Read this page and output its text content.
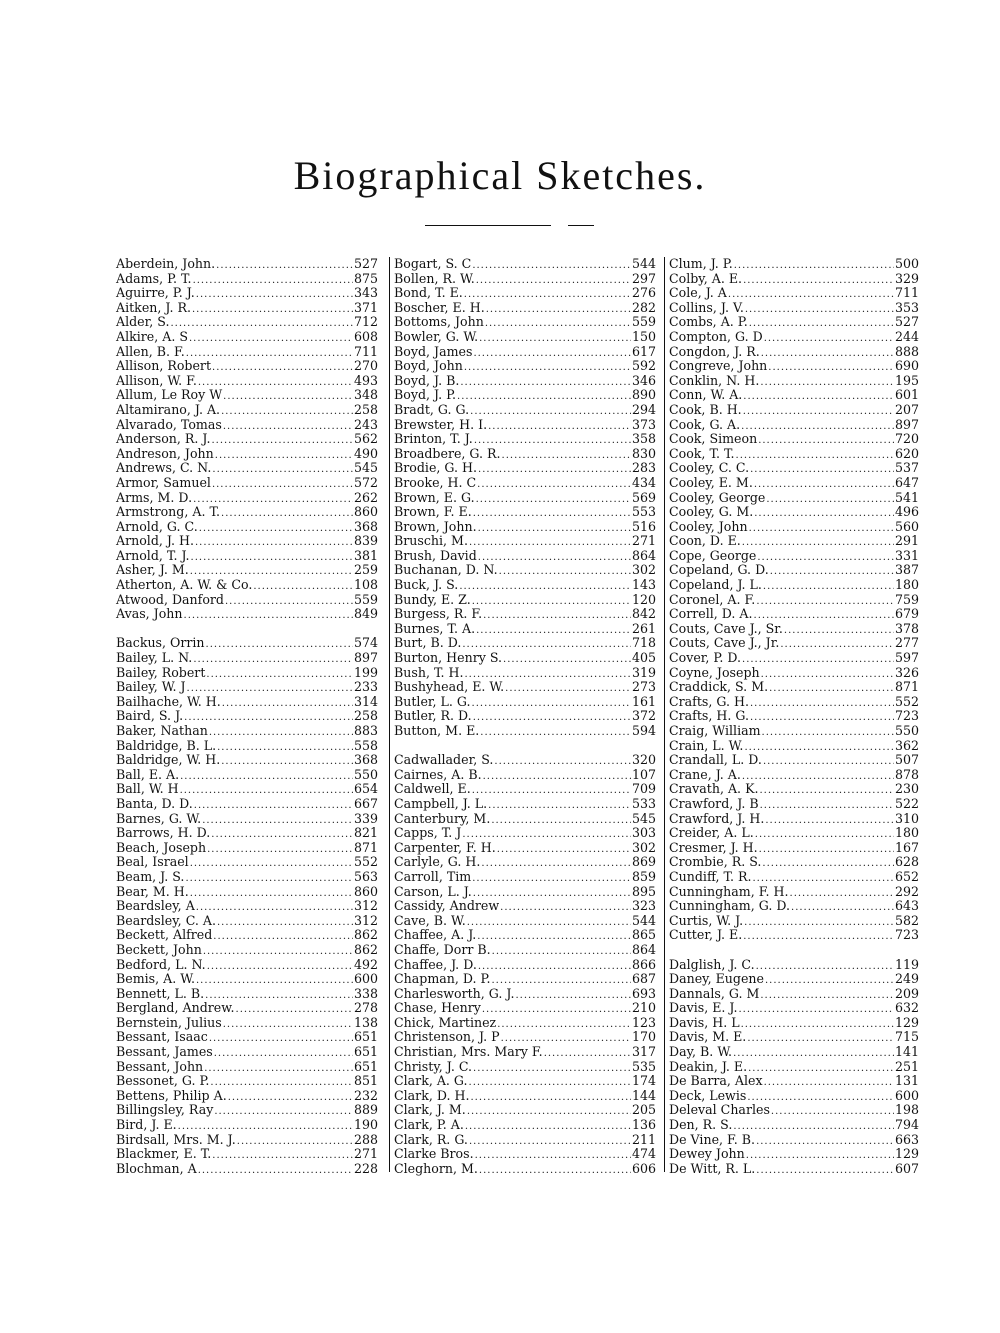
Biographical Sketches.
Aberdein, John. .....	527
Adams, P. T. .....	875
Aguirre, P. J. .....	343
Aitken, J. R. .....	371
Alder, S. .....	712
Alkire, A. S .....	608
Allen, B. F. .....	711
Allison, Robert .....	270
Allison, W. F. .....	493
Allum, Le Roy W .....	348
Altamirano, J. A. .....	258
Alvarado, Tomas .....	243
Anderson, R. J. .....	562
Andreson, John .....	490
Andrews, C. N. .....	545
Armor, Samuel .....	572
Arms, M. D. .....	262
Armstrong, A. T. .....	860
Arnold, G. C. .....	368
Arnold, J. H. .....	839
Arnold, T. J. .....	381
Asher, J. M. .....	259
Atherton, A. W. & Co. .....	108
Atwood, Danford .....	559
Avas, John .....	849
Backus, Orrin .....	574
Bailey, L. N. .....	897
Bailey, Robert .....	199
Bailey, W. J .....	233
Bailhache, W. H. .....	314
Baird, S. J. .....	258
Baker, Nathan .....	883
Baldridge, B. L. .....	558
Baldridge, W. H. .....	368
Ball, E. A. .....	550
Ball, W. H .....	654
Banta, D. D. .....	667
Barnes, G. W. .....	339
Barrows, H. D. .....	821
Beach, Joseph .....	871
Beal, Israel .....	552
Beam, J. S. .....	563
Bear, M. H. .....	860
Beardsley, A .....	312
Beardsley, C. A. .....	312
Beckett, Alfred .....	862
Beckett, John .....	862
Bedford, L. N. .....	492
Bemis, A. W. .....	600
Bennett, L. B. .....	338
Bergland, Andrew. .....	278
Bernstein, Julius .....	138
Bessant, Isaac .....	651
Bessant, James .....	651
Bessant, John .....	651
Bessonet, G. P. .....	851
Bettens, Philip A. .....	232
Billingsley, Ray .....	889
Bird, J. E. .....	190
Birdsall, Mrs. M. J. .....	288
Blackmer, E. T. .....	271
Blochman, A .....	228
Bogart, S. C .....	544
Bollen, R. W. .....	297
Bond, T. E. .....	276
Boscher, E. H. .....	282
Bottoms, John .....	559
Bowler, G. W. .....	150
Boyd, James .....	617
Boyd, John .....	592
Boyd, J. B. .....	346
Boyd, J. P. .....	890
Bradt, G. G. .....	294
Brewster, H. I. .....	373
Brinton, T. J. .....	358
Broadbere, G. R. .....	830
Brodie, G. H. .....	283
Brooke, H. C .....	434
Brown, E. G. .....	569
Brown, F. E. .....	553
Brown, John. .....	516
Bruschi, M. .....	271
Brush, David .....	864
Buchanan, D. N. .....	302
Buck, J. S. .....	143
Bundy, E. Z. .....	120
Burgess, R. F. .....	842
Burnes, T. A. .....	261
Burt, B. D. .....	718
Burton, Henry S. .....	405
Bush, T. H. .....	319
Bushyhead, E. W. .....	273
Butler, L. G. .....	161
Butler, R. D. .....	372
Button, M. E. .....	594
Cadwallader, S. .....	320
Cairnes, A. B. .....	107
Caldwell, E. .....	709
Campbell, J. L. .....	533
Canterbury, M. .....	545
Capps, T. J .....	303
Carpenter, F. H. .....	302
Carlyle, G. H. .....	869
Carroll, Tim .....	859
Carson, L. J. .....	895
Cassidy, Andrew .....	323
Cave, B. W. .....	544
Chaffee, A. J. .....	865
Chaffe, Dorr B. .....	864
Chaffee, J. D. .....	866
Chapman, D. P. .....	687
Charlesworth, G. J. .....	693
Chase, Henry .....	210
Chick, Martinez .....	123
Christenson, J. P .....	170
Christian, Mrs. Mary F. .....	317
Christy, J. C. .....	535
Clark, A. G. .....	174
Clark, D. H. .....	144
Clark, J. M. .....	205
Clark, P. A. .....	136
Clark, R. G. .....	211
Clarke Bros. .....	474
Cleghorn, M. .....	606
Clum, J. P. .....	500
Colby, A. E. .....	329
Cole, J. A .....	711
Collins, J. V. .....	353
Combs, A. P. .....	527
Compton, G. D .....	244
Congdon, J. R. .....	888
Congreve, John .....	690
Conklin, N. H. .....	195
Conn, W. A. .....	601
Cook, B. H. .....	207
Cook, G. A. .....	897
Cook, Simeon .....	720
Cook, T. T. .....	620
Cooley, C. C. .....	537
Cooley, E. M. .....	647
Cooley, George .....	541
Cooley, G. M. .....	496
Cooley, John .....	560
Coon, D. E. .....	291
Cope, George .....	331
Copeland, G. D. .....	387
Copeland, J. L. .....	180
Coronel, A. F. .....	759
Correll, D. A. .....	679
Couts, Cave J., Sr. .....	378
Couts, Cave J., Jr. .....	277
Cover, P. D. .....	597
Coyne, Joseph .....	326
Craddick, S. M. .....	871
Crafts, G. H. .....	552
Crafts, H. G. .....	723
Craig, William .....	550
Crain, L. W. .....	362
Crandall, L. D. .....	507
Crane, J. A. .....	878
Cravath, A. K. .....	230
Crawford, J. B .....	522
Crawford, J. H. .....	310
Creider, A. L. .....	180
Cresmer, J. H. .....	167
Crombie, R. S. .....	628
Cundiff, T. R. .....	652
Cunningham, F. H. .....	292
Cunningham, G. D. .....	643
Curtis, W. J. .....	582
Cutter, J. E. .....	723
Dalglish, J. C. .....	119
Daney, Eugene .....	249
Dannals, G. M .....	209
Davis, E. J. .....	632
Davis, H. L .....	129
Davis, M. E. .....	715
Day, B. W. .....	141
Deakin, J. E. .....	251
De Barra, Alex .....	131
Deck, Lewis .....	600
Deleval Charles .....	198
Den, R. S. .....	794
De Vine, F. B. .....	663
Dewey John .....	129
De Witt, R. L. .....	607
